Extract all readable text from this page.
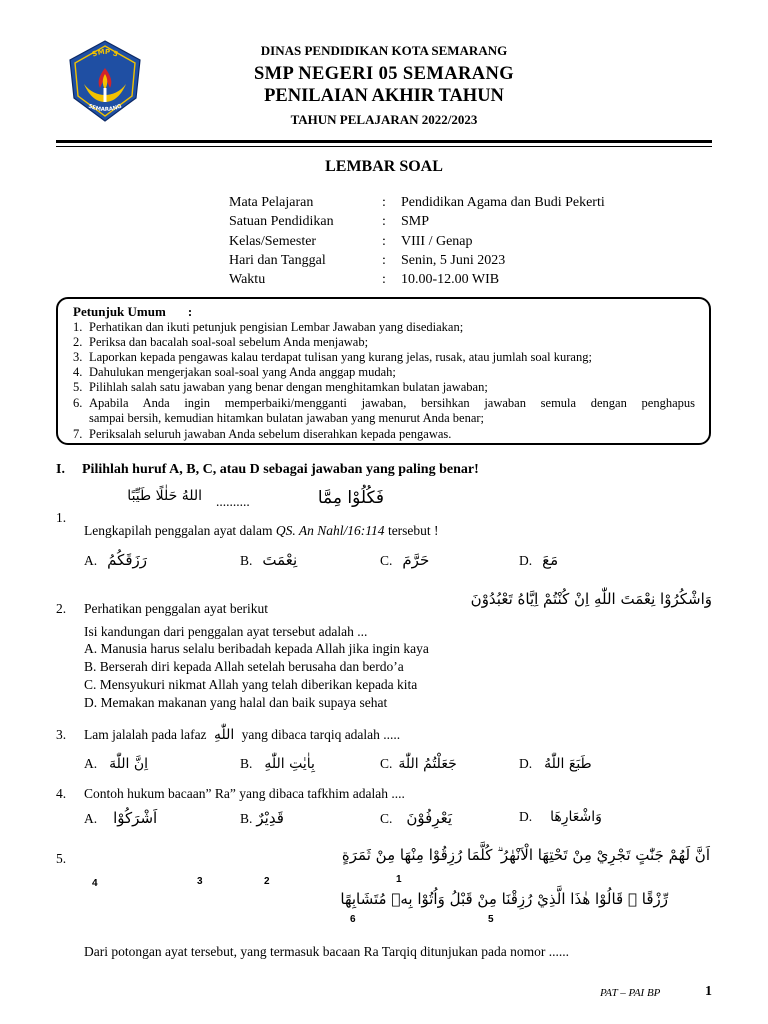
SMP 5
SEMARANG
DINAS PENDIDIKAN KOTA SEMARANG
SMP NEGERI 05 SEMARANG
PENILAIAN AKHIR TAHUN
TAHUN PELAJARAN 2022/2023
LEMBAR SOAL
Mata Pelajaran	: Pendidikan Agama dan Budi Pekerti
Satuan Pendidikan	: SMP
Kelas/Semester	: VIII / Genap
Hari dan Tanggal	: Senin, 5 Juni 2023
Waktu	: 10.00-12.00 WIB
Petunjuk Umum :
1. Perhatikan dan ikuti petunjuk pengisian Lembar Jawaban yang disediakan;
2. Periksa dan bacalah soal-soal sebelum Anda menjawab;
3. Laporkan kepada pengawas kalau terdapat tulisan yang kurang jelas, rusak, atau jumlah soal kurang;
4. Dahulukan mengerjakan soal-soal yang Anda anggap mudah;
5. Pilihlah salah satu jawaban yang benar dengan menghitamkan bulatan jawaban;
6. Apabila Anda ingin memperbaiki/mengganti jawaban, bersihkan jawaban semula dengan penghapus
sampai bersih, kemudian hitamkan bulatan jawaban yang menurut Anda benar;
7. Periksalah seluruh jawaban Anda sebelum diserahkan kepada pengawas.
I. Pilihlah huruf A, B, C, atau D sebagai jawaban yang paling benar!
1.
فَكُلُوْا مِمَّا
..........
اللهُ حَلٰلًا طَيِّبًا
Lengkapilah penggalan ayat dalam QS. An Nahl/16:114 tersebut !
A. رَزَقَكُمُ	B. نِعْمَتَ	C. حَرَّمَ	D. مَعَ
2. Perhatikan penggalan ayat berikut
وَاشْكُرُوْا نِعْمَتَ اللّٰهِ اِنْ كُنْتُمْ اِيَّاهُ تَعْبُدُوْنَ
Isi kandungan dari penggalan ayat tersebut adalah ...
A. Manusia harus selalu beribadah kepada Allah jika ingin kaya
B. Berserah diri kepada Allah setelah berusaha dan berdo’a
C. Mensyukuri nikmat Allah yang telah diberikan kepada kita
D. Memakan makanan yang halal dan baik supaya sehat
3. Lam jalalah pada lafaz اللّٰهِ yang dibaca tarqiq adalah .....
A. اِنَّ اللّٰهَ	B. بِاٰيٰتِ اللّٰهِ	C. جَعَلْتُمُ اللّٰهَ	D. طَبَعَ اللّٰهُ
4. Contoh hukum bacaan” Ra” yang dibaca tafkhim adalah ....
A. اَشْرَكُوْا	B. قَدِيْرٌ	C. يَعْرِفُوْنَ	D. وَاشْعَارِهَا
5.	اَنَّ لَهُمْ جَنّٰتٍ تَجْرِيْ مِنْ تَحْتِهَا الْاَنْهٰرُ ۗ كُلَّمَا رُزِقُوْا مِنْهَا مِنْ ثَمَرَةٍ
رِّزْقًا ۙ قَالُوْا هٰذَا الَّذِيْ رُزِقْنَا مِنْ قَبْلُ وَاُتُوْا بِهٖ مُتَشَابِهًا
1
2
3
4
5
6
Dari potongan ayat tersebut, yang termasuk bacaan Ra Tarqiq ditunjukan pada nomor ......
PAT – PAI BP	1
